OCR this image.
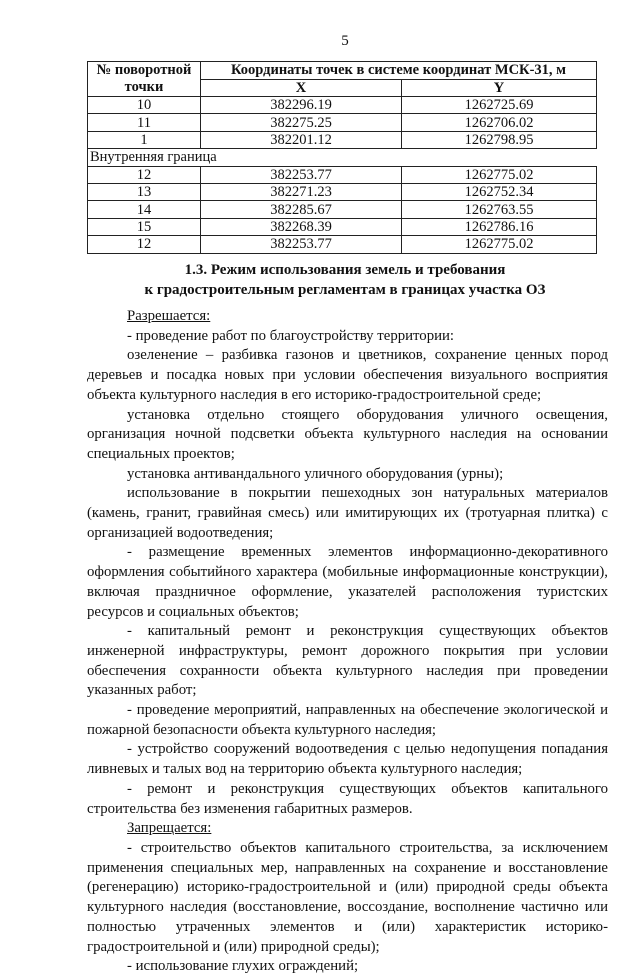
5
№ поворотной точки	Координаты точек в системе координат МСК-31, м	
	X	Y
10	382296.19	1262725.69
11	382275.25	1262706.02
1	382201.12	1262798.95
Внутренняя граница		
12	382253.77	1262775.02
13	382271.23	1262752.34
14	382285.67	1262763.55
15	382268.39	1262786.16
12	382253.77	1262775.02
1.3. Режим использования земель и требования
к градостроительным регламентам в границах участка ОЗ

Разрешается:

- проведение работ по благоустройству территории:

озеленение – разбивка газонов и цветников, сохранение ценных пород деревьев и посадка новых при условии обеспечения визуального восприятия объекта культурного наследия в его историко-градостроительной среде;

установка отдельно стоящего оборудования уличного освещения, организация ночной подсветки объекта культурного наследия на основании специальных проектов;

установка антивандального уличного оборудования (урны);

использование в покрытии пешеходных зон натуральных материалов (камень, гранит, гравийная смесь) или имитирующих их (тротуарная плитка) с организацией водоотведения;

- размещение временных элементов информационно-декоративного оформления событийного характера (мобильные информационные конструкции), включая праздничное оформление, указателей расположения туристских ресурсов и социальных объектов;

- капитальный ремонт и реконструкция существующих объектов инженерной инфраструктуры, ремонт дорожного покрытия при условии обеспечения сохранности объекта культурного наследия при проведении указанных работ;

- проведение мероприятий, направленных на обеспечение экологической и пожарной безопасности объекта культурного наследия;

- устройство сооружений водоотведения с целью недопущения попадания ливневых и талых вод на территорию объекта культурного наследия;

- ремонт и реконструкция существующих объектов капитального строительства без изменения габаритных размеров.

Запрещается:

- строительство объектов капитального строительства, за исключением применения специальных мер, направленных на сохранение и восстановление (регенерацию) историко-градостроительной и (или) природной среды объекта культурного наследия (восстановление, воссоздание, восполнение частично или полностью утраченных элементов и (или) характеристик историко-градостроительной и (или) природной среды);

- использование глухих ограждений;
